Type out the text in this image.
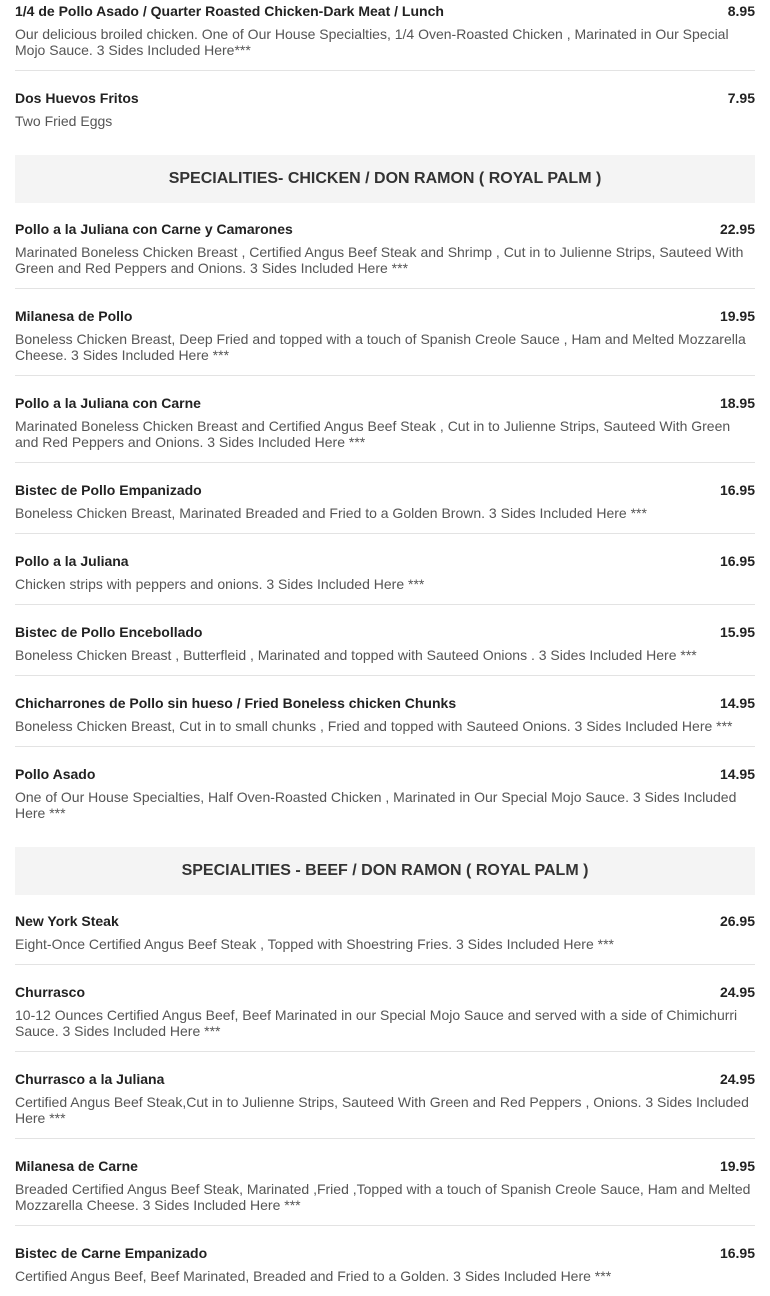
1/4 de Pollo Asado / Quarter Roasted Chicken-Dark Meat / Lunch	8.95
Our delicious broiled chicken. One of Our House Specialties, 1/4 Oven-Roasted Chicken , Marinated in Our Special Mojo Sauce. 3 Sides Included Here***
Dos Huevos Fritos	7.95
Two Fried Eggs
SPECIALITIES- CHICKEN / DON RAMON ( ROYAL PALM )
Pollo a la Juliana con Carne y Camarones	22.95
Marinated Boneless Chicken Breast , Certified Angus Beef Steak and Shrimp , Cut in to Julienne Strips, Sauteed With Green and Red Peppers and Onions. 3 Sides Included Here ***
Milanesa de Pollo	19.95
Boneless Chicken Breast, Deep Fried and topped with a touch of Spanish Creole Sauce , Ham and Melted Mozzarella Cheese. 3 Sides Included Here ***
Pollo a la Juliana con Carne	18.95
Marinated Boneless Chicken Breast and Certified Angus Beef Steak , Cut in to Julienne Strips, Sauteed With Green and Red Peppers and Onions. 3 Sides Included Here ***
Bistec de Pollo Empanizado	16.95
Boneless Chicken Breast, Marinated Breaded and Fried to a Golden Brown. 3 Sides Included Here ***
Pollo a la Juliana	16.95
Chicken strips with peppers and onions. 3 Sides Included Here ***
Bistec de Pollo Encebollado	15.95
Boneless Chicken Breast , Butterfleid , Marinated and topped with Sauteed Onions . 3 Sides Included Here ***
Chicharrones de Pollo sin hueso / Fried Boneless chicken Chunks	14.95
Boneless Chicken Breast, Cut in to small chunks , Fried and topped with Sauteed Onions. 3 Sides Included Here ***
Pollo Asado	14.95
One of Our House Specialties, Half Oven-Roasted Chicken , Marinated in Our Special Mojo Sauce. 3 Sides Included Here ***
SPECIALITIES - BEEF / DON RAMON ( ROYAL PALM )
New York Steak	26.95
Eight-Once Certified Angus Beef Steak , Topped with Shoestring Fries. 3 Sides Included Here ***
Churrasco	24.95
10-12 Ounces Certified Angus Beef, Beef Marinated in our Special Mojo Sauce and served with a side of Chimichurri Sauce. 3 Sides Included Here ***
Churrasco a la Juliana	24.95
Certified Angus Beef Steak,Cut in to Julienne Strips, Sauteed With Green and Red Peppers , Onions. 3 Sides Included Here ***
Milanesa de Carne	19.95
Breaded Certified Angus Beef Steak, Marinated ,Fried ,Topped with a touch of Spanish Creole Sauce, Ham and Melted Mozzarella Cheese. 3 Sides Included Here ***
Bistec de Carne Empanizado	16.95
Certified Angus Beef, Beef Marinated, Breaded and Fried to a Golden. 3 Sides Included Here ***
